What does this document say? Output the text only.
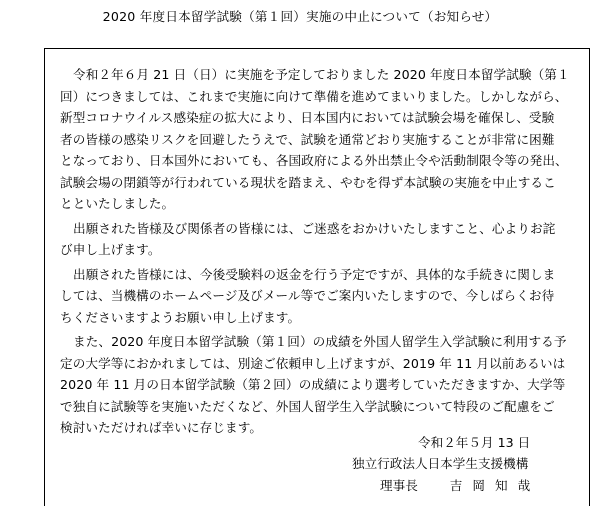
2020 年度日本留学試験（第１回）実施の中止について（お知らせ）
令和２年６月 21 日（日）に実施を予定しておりました 2020 年度日本留学試験（第１
回）につきましては、これまで実施に向けて準備を進めてまいりました。しかしながら、
新型コロナウイルス感染症の拡大により、日本国内においては試験会場を確保し、受験
者の皆様の感染リスクを回避したうえで、試験を通常どおり実施することが非常に困難
となっており、日本国外においても、各国政府による外出禁止令や活動制限令等の発出、
試験会場の閉鎖等が行われている現状を踏まえ、やむを得ず本試験の実施を中止するこ
とといたしました。
出願された皆様及び関係者の皆様には、ご迷惑をおかけいたしますこと、心よりお詫
び申し上げます。
出願された皆様には、今後受験料の返金を行う予定ですが、具体的な手続きに関しま
しては、当機構のホームページ及びメール等でご案内いたしますので、今しばらくお待
ちくださいますようお願い申し上げます。
また、2020 年度日本留学試験（第１回）の成績を外国人留学生入学試験に利用する予
定の大学等におかれましては、別途ご依頼申し上げますが、2019 年 11 月以前あるいは
2020 年 11 月の日本留学試験（第２回）の成績により選考していただきますか、大学等
で独自に試験等を実施いただくなど、外国人留学生入学試験について特段のご配慮をご
検討いただければ幸いに存じます。
令和２年５月 13 日
独立行政法人日本学生支援機構
理事長	吉岡知哉
